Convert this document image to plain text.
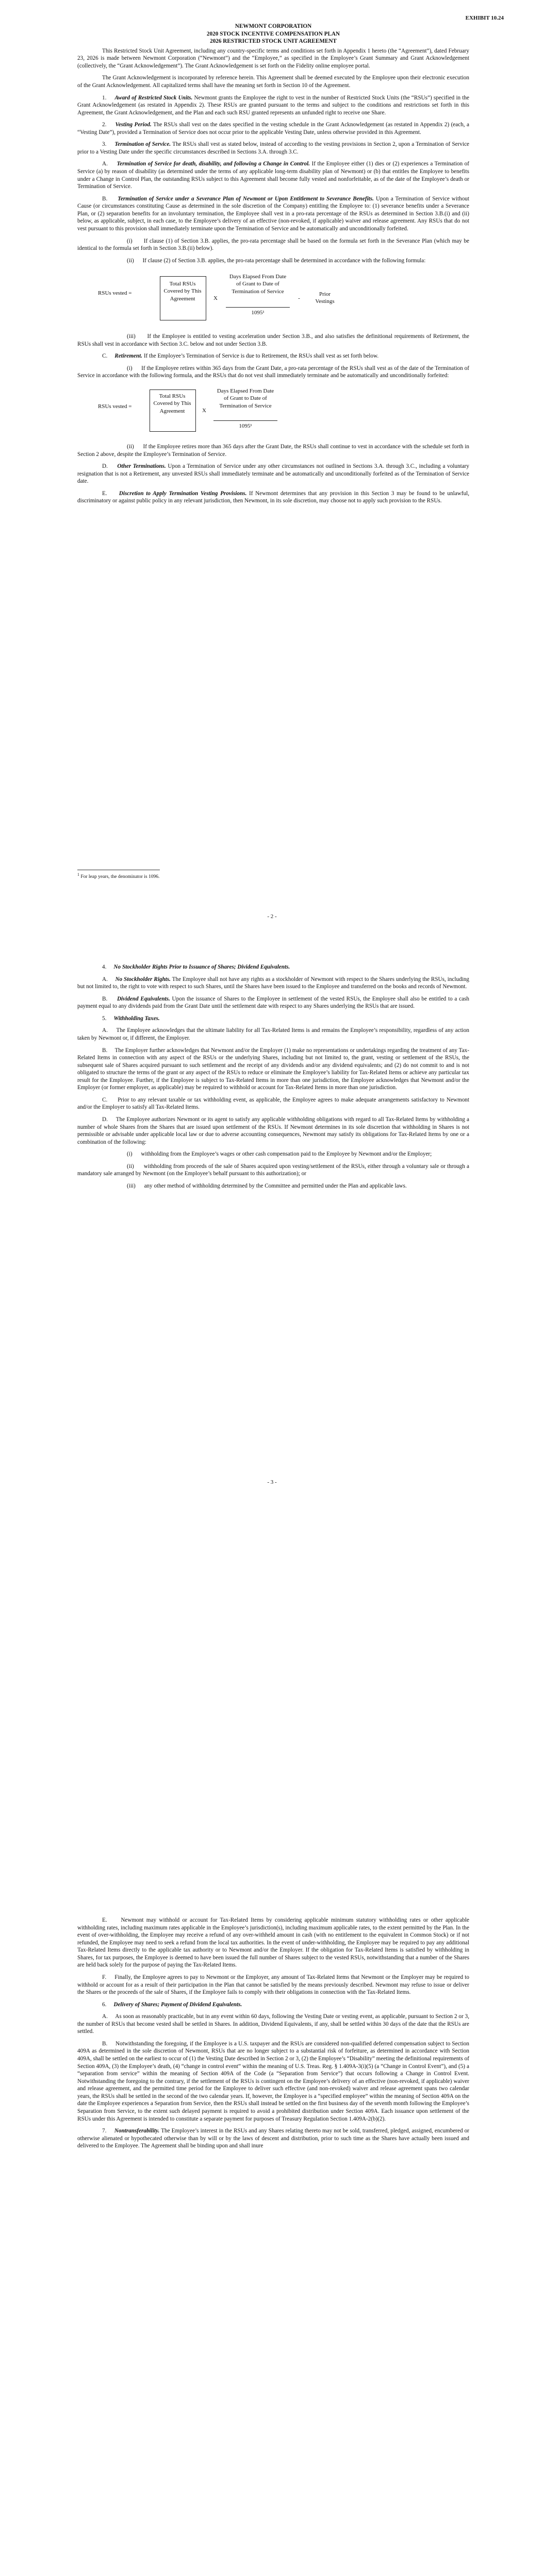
EXHIBIT 10.24

NEWMONT CORPORATION

2020 STOCK INCENTIVE COMPENSATION PLAN

2026 RESTRICTED STOCK UNIT AGREEMENT

This Restricted Stock Unit Agreement, including any country-specific terms and conditions set forth in Appendix 1 hereto (the “Agreement”), dated February 23, 2026 is made between Newmont Corporation (“Newmont”) and the “Employee,” as specified in the Employee’s Grant Summary and Grant Acknowledgement (collectively, the “Grant Acknowledgement”). The Grant Acknowledgement is set forth on the Fidelity online employee portal.

The Grant Acknowledgement is incorporated by reference herein. This Agreement shall be deemed executed by the Employee upon their electronic execution of the Grant Acknowledgement. All capitalized terms shall have the meaning set forth in Section 10 of the Agreement.

1.     Award of Restricted Stock Units. Newmont grants the Employee the right to vest in the number of Restricted Stock Units (the “RSUs”) specified in the Grant Acknowledgement (as restated in Appendix 2). These RSUs are granted pursuant to the terms and subject to the conditions and restrictions set forth in this Agreement, the Grant Acknowledgement, and the Plan and each such RSU granted represents an unfunded right to receive one Share.

2.     Vesting Period. The RSUs shall vest on the dates specified in the vesting schedule in the Grant Acknowledgement (as restated in Appendix 2) (each, a “Vesting Date”), provided a Termination of Service does not occur prior to the applicable Vesting Date, unless otherwise provided in this Agreement.

3.     Termination of Service. The RSUs shall vest as stated below, instead of according to the vesting provisions in Section 2, upon a Termination of Service prior to a Vesting Date under the specific circumstances described in Sections 3.A. through 3.C.

A.     Termination of Service for death, disability, and following a Change in Control. If the Employee either (1) dies or (2) experiences a Termination of Service (a) by reason of disability (as determined under the terms of any applicable long-term disability plan of Newmont) or (b) that entitles the Employee to benefits under a Change in Control Plan, the outstanding RSUs subject to this Agreement shall become fully vested and nonforfeitable, as of the date of the Employee’s death or Termination of Service.

B.     Termination of Service under a Severance Plan of Newmont or Upon Entitlement to Severance Benefits. Upon a Termination of Service without Cause (or circumstances constituting Cause as determined in the sole discretion of the Company) entitling the Employee to: (1) severance benefits under a Severance Plan, or (2) separation benefits for an involuntary termination, the Employee shall vest in a pro-rata percentage of the RSUs as determined in Section 3.B.(i) and (ii) below, as applicable, subject, in each case, to the Employee’s delivery of an effective (non-revoked, if applicable) waiver and release agreement. Any RSUs that do not vest pursuant to this provision shall immediately terminate upon the Termination of Service and be automatically and unconditionally forfeited.

(i)      If clause (1) of Section 3.B. applies, the pro-rata percentage shall be based on the formula set forth in the Severance Plan (which may be identical to the formula set forth in Section 3.B.(ii) below).

(ii)      If clause (2) of Section 3.B. applies, the pro-rata percentage shall be determined in accordance with the following formula:

RSUs vested =
Total RSUs Covered by This Agreement	X
Days Elapsed From Date of Grant to Date of Termination of Service
1095¹
-
Prior Vestings

(iii)      If the Employee is entitled to vesting acceleration under Section 3.B., and also satisfies the definitional requirements of Retirement, the RSUs shall vest in accordance with Section 3.C. below and not under Section 3.B.

C.     Retirement. If the Employee’s Termination of Service is due to Retirement, the RSUs shall vest as set forth below.

(i)      If the Employee retires within 365 days from the Grant Date, a pro-rata percentage of the RSUs shall vest as of the date of the Termination of Service in accordance with the following formula, and the RSUs that do not vest shall immediately terminate and be automatically and unconditionally forfeited:

RSUs vested =
Total RSUs Covered by This Agreement	X
Days Elapsed From Date of Grant to Date of Termination of Service
1095¹

(ii)      If the Employee retires more than 365 days after the Grant Date, the RSUs shall continue to vest in accordance with the schedule set forth in Section 2 above, despite the Employee’s Termination of Service.

D.     Other Terminations. Upon a Termination of Service under any other circumstances not outlined in Sections 3.A. through 3.C., including a voluntary resignation that is not a Retirement, any unvested RSUs shall immediately terminate and be automatically and unconditionally forfeited as of the Termination of Service date.

E.     Discretion to Apply Termination Vesting Provisions. If Newmont determines that any provision in this Section 3 may be found to be unlawful, discriminatory or against public policy in any relevant jurisdiction, then Newmont, in its sole discretion, may choose not to apply such provision to the RSUs.

$^1$ For leap years, the denominator is 1096.
- 2 -

4.     No Stockholder Rights Prior to Issuance of Shares; Dividend Equivalents.

A.     No Stockholder Rights. The Employee shall not have any rights as a stockholder of Newmont with respect to the Shares underlying the RSUs, including but not limited to, the right to vote with respect to such Shares, until the Shares have been issued to the Employee and transferred on the books and records of Newmont.

B.     Dividend Equivalents. Upon the issuance of Shares to the Employee in settlement of the vested RSUs, the Employee shall also be entitled to a cash payment equal to any dividends paid from the Grant Date until the settlement date with respect to any Shares underlying the RSUs that are issued.

5.     Withholding Taxes.

A.     The Employee acknowledges that the ultimate liability for all Tax-Related Items is and remains the Employee’s responsibility, regardless of any action taken by Newmont or, if different, the Employer.

B.     The Employer further acknowledges that Newmont and/or the Employer (1) make no representations or undertakings regarding the treatment of any Tax-Related Items in connection with any aspect of the RSUs or the underlying Shares, including but not limited to, the grant, vesting or settlement of the RSUs, the subsequent sale of Shares acquired pursuant to such settlement and the receipt of any dividends and/or any dividend equivalents; and (2) do not commit to and is not obligated to structure the terms of the grant or any aspect of the RSUs to reduce or eliminate the Employee’s liability for Tax-Related Items or achieve any particular tax result for the Employee. Further, if the Employee is subject to Tax-Related Items in more than one jurisdiction, the Employee acknowledges that Newmont and/or the Employer (or former employer, as applicable) may be required to withhold or account for Tax-Related Items in more than one jurisdiction.

C.     Prior to any relevant taxable or tax withholding event, as applicable, the Employee agrees to make adequate arrangements satisfactory to Newmont and/or the Employer to satisfy all Tax-Related Items.

D.     The Employee authorizes Newmont or its agent to satisfy any applicable withholding obligations with regard to all Tax-Related Items by withholding a number of whole Shares from the Shares that are issued upon settlement of the RSUs. If Newmont determines in its sole discretion that withholding in Shares is not permissible or advisable under applicable local law or due to adverse accounting consequences, Newmont may satisfy its obligations for Tax-Related Items by one or a combination of the following:

(i)      withholding from the Employee’s wages or other cash compensation paid to the Employee by Newmont and/or the Employer;

(ii)      withholding from proceeds of the sale of Shares acquired upon vesting/settlement of the RSUs, either through a voluntary sale or through a mandatory sale arranged by Newmont (on the Employee’s behalf pursuant to this authorization); or

(iii)      any other method of withholding determined by the Committee and permitted under the Plan and applicable laws.

- 3 -

E.     Newmont may withhold or account for Tax-Related Items by considering applicable minimum statutory withholding rates or other applicable withholding rates, including maximum rates applicable in the Employee’s jurisdiction(s), including maximum applicable rates, to the extent permitted by the Plan. In the event of over-withholding, the Employee may receive a refund of any over-withheld amount in cash (with no entitlement to the equivalent in Common Stock) or if not refunded, the Employee may need to seek a refund from the local tax authorities. In the event of under-withholding, the Employee may be required to pay any additional Tax-Related Items directly to the applicable tax authority or to Newmont and/or the Employer. If the obligation for Tax-Related Items is satisfied by withholding in Shares, for tax purposes, the Employee is deemed to have been issued the full number of Shares subject to the vested RSUs, notwithstanding that a number of the Shares are held back solely for the purpose of paying the Tax-Related Items.

F.     Finally, the Employee agrees to pay to Newmont or the Employer, any amount of Tax-Related Items that Newmont or the Employer may be required to withhold or account for as a result of their participation in the Plan that cannot be satisfied by the means previously described. Newmont may refuse to issue or deliver the Shares or the proceeds of the sale of Shares, if the Employee fails to comply with their obligations in connection with the Tax-Related Items.

6.     Delivery of Shares; Payment of Dividend Equivalents.

A.     As soon as reasonably practicable, but in any event within 60 days, following the Vesting Date or vesting event, as applicable, pursuant to Section 2 or 3, the number of RSUs that become vested shall be settled in Shares. In addition, Dividend Equivalents, if any, shall be settled within 30 days of the date that the RSUs are settled.

B.     Notwithstanding the foregoing, if the Employee is a U.S. taxpayer and the RSUs are considered non-qualified deferred compensation subject to Section 409A as determined in the sole discretion of Newmont, RSUs that are no longer subject to a substantial risk of forfeiture, as determined in accordance with Section 409A, shall be settled on the earliest to occur of (1) the Vesting Date described in Section 2 or 3, (2) the Employee’s “Disability” meeting the definitional requirements of Section 409A, (3) the Employee’s death, (4) “change in control event” within the meaning of U.S. Treas. Reg. § 1.409A-3(i)(5) (a “Change in Control Event”), and (5) a “separation from service” within the meaning of Section 409A of the Code (a “Separation from Service”) that occurs following a Change in Control Event. Notwithstanding the foregoing to the contrary, if the settlement of the RSUs is contingent on the Employee’s delivery of an effective (non-revoked, if applicable) waiver and release agreement, and the permitted time period for the Employee to deliver such effective (and non-revoked) waiver and release agreement spans two calendar years, the RSUs shall be settled in the second of the two calendar years. If, however, the Employee is a “specified employee” within the meaning of Section 409A on the date the Employee experiences a Separation from Service, then the RSUs shall instead be settled on the first business day of the seventh month following the Employee’s Separation from Service, to the extent such delayed payment is required to avoid a prohibited distribution under Section 409A. Each issuance upon settlement of the RSUs under this Agreement is intended to constitute a separate payment for purposes of Treasury Regulation Section 1.409A-2(b)(2).

7.     Nontransferability. The Employee’s interest in the RSUs and any Shares relating thereto may not be sold, transferred, pledged, assigned, encumbered or otherwise alienated or hypothecated otherwise than by will or by the laws of descent and distribution, prior to such time as the Shares have actually been issued and delivered to the Employee. The Agreement shall be binding upon and shall inure
